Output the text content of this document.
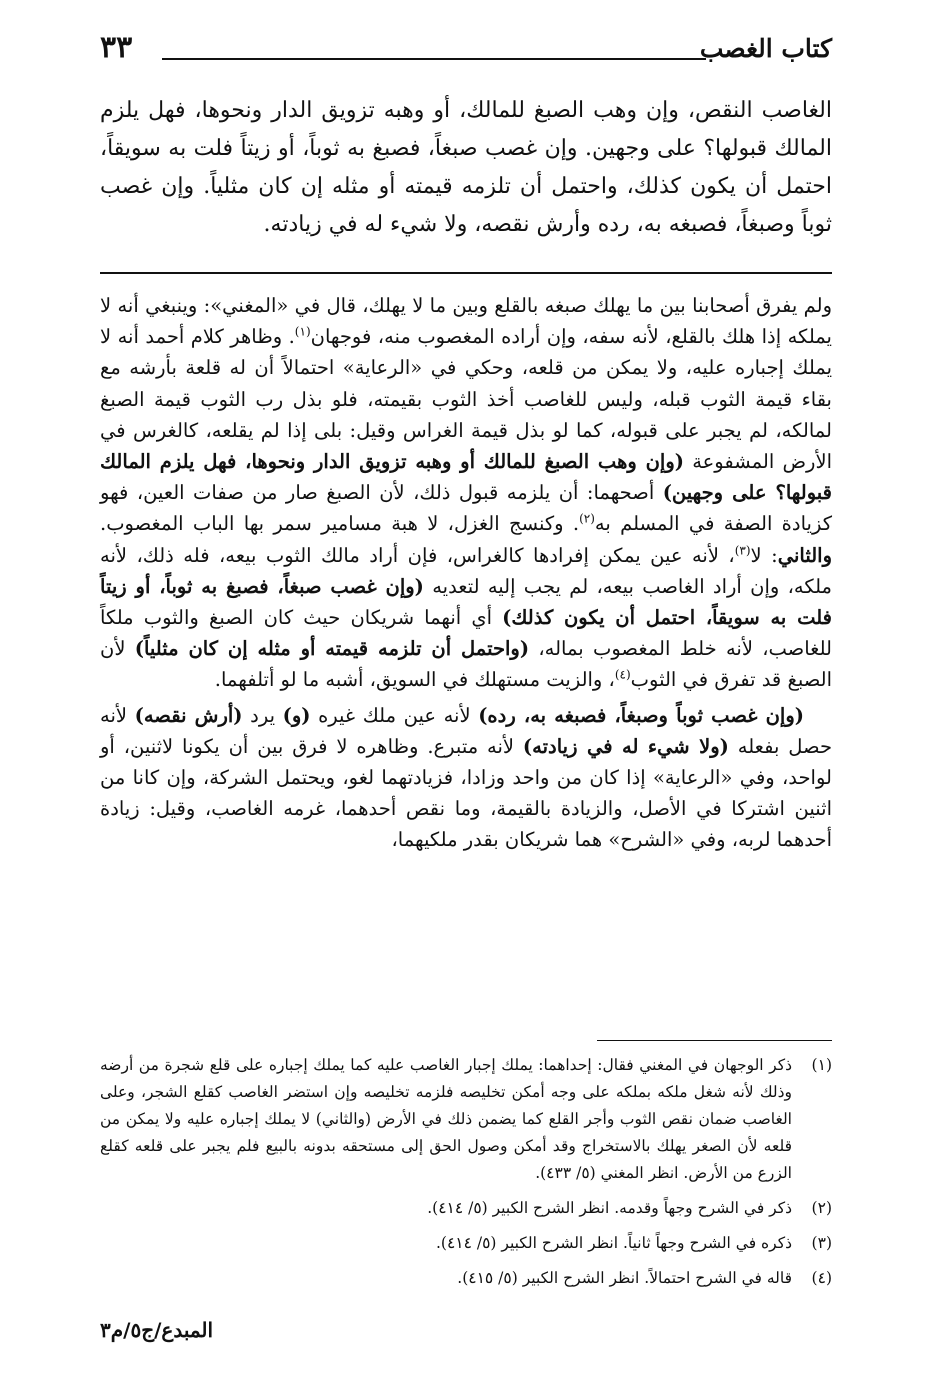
كتاب الغصب
٣٣

الغاصب النقص، وإن وهب الصبغ للمالك، أو وهبه تزويق الدار ونحوها، فهل يلزم المالك قبولها؟ على وجهين. وإن غصب صبغاً، فصبغ به ثوباً، أو زيتاً فلت به سويقاً، احتمل أن يكون كذلك، واحتمل أن تلزمه قيمته أو مثله إن كان مثلياً. وإن غصب ثوباً وصبغاً، فصبغه به، رده وأرش نقصه، ولا شيء له في زيادته.

ولم يفرق أصحابنا بين ما يهلك صبغه بالقلع وبين ما لا يهلك، قال في «المغني»: وينبغي أنه لا يملكه إذا هلك بالقلع، لأنه سفه، وإن أراده المغصوب منه، فوجهان$^{(١)}$. وظاهر كلام أحمد أنه لا يملك إجباره عليه، ولا يمكن من قلعه، وحكي في «الرعاية» احتمالاً أن له قلعة بأرشه مع بقاء قيمة الثوب قبله، وليس للغاصب أخذ الثوب بقيمته، فلو بذل رب الثوب قيمة الصبغ لمالكه، لم يجبر على قبوله، كما لو بذل قيمة الغراس وقيل: بلى إذا لم يقلعه، كالغرس في الأرض المشفوعة (وإن وهب الصبغ للمالك أو وهبه تزويق الدار ونحوها، فهل يلزم المالك قبولها؟ على وجهين) أصحهما: أن يلزمه قبول ذلك، لأن الصبغ صار من صفات العين، فهو كزيادة الصفة في المسلم به$^{(٢)}$. وكنسج الغزل، لا هبة مسامير سمر بها الباب المغصوب. والثاني: لا$^{(٣)}$، لأنه عين يمكن إفرادها كالغراس، فإن أراد مالك الثوب بيعه، فله ذلك، لأنه ملكه، وإن أراد الغاصب بيعه، لم يجب إليه لتعديه (وإن غصب صبغاً، فصبغ به ثوباً، أو زيتاً فلت به سويقاً، احتمل أن يكون كذلك) أي أنهما شريكان حيث كان الصبغ والثوب ملكاً للغاصب، لأنه خلط المغصوب بماله، (واحتمل أن تلزمه قيمته أو مثله إن كان مثلياً) لأن الصبغ قد تفرق في الثوب$^{(٤)}$، والزيت مستهلك في السويق، أشبه ما لو أتلفهما.

(وإن غصب ثوباً وصبغاً، فصبغه به، رده) لأنه عين ملك غيره (و) يرد (أرش نقصه) لأنه حصل بفعله (ولا شيء له في زيادته) لأنه متبرع. وظاهره لا فرق بين أن يكونا لاثنين، أو لواحد، وفي «الرعاية» إذا كان من واحد وزادا، فزيادتهما لغو، ويحتمل الشركة، وإن كانا من اثنين اشتركا في الأصل، والزيادة بالقيمة، وما نقص أحدهما، غرمه الغاصب، وقيل: زيادة أحدهما لربه، وفي «الشرح» هما شريكان بقدر ملكيهما،

(١)
ذكر الوجهان في المغني فقال: إحداهما: يملك إجبار الغاصب عليه كما يملك إجباره على قلع شجرة من أرضه وذلك لأنه شغل ملكه بملكه على وجه أمكن تخليصه فلزمه تخليصه وإن استضر الغاصب كقلع الشجر، وعلى الغاصب ضمان نقص الثوب وأجر القلع كما يضمن ذلك في الأرض (والثاني) لا يملك إجباره عليه ولا يمكن من قلعه لأن الصغر يهلك بالاستخراج وقد أمكن وصول الحق إلى مستحقه بدونه بالبيع فلم يجبر على قلعه كقلع الزرع من الأرض. انظر المغني (٥/ ٤٣٣).
(٢)
ذكر في الشرح وجهاً وقدمه. انظر الشرح الكبير (٥/ ٤١٤).
(٣)
ذكره في الشرح وجهاً ثانياً. انظر الشرح الكبير (٥/ ٤١٤).
(٤)
قاله في الشرح احتمالاً. انظر الشرح الكبير (٥/ ٤١٥).
المبدع/ج٥/م٣
